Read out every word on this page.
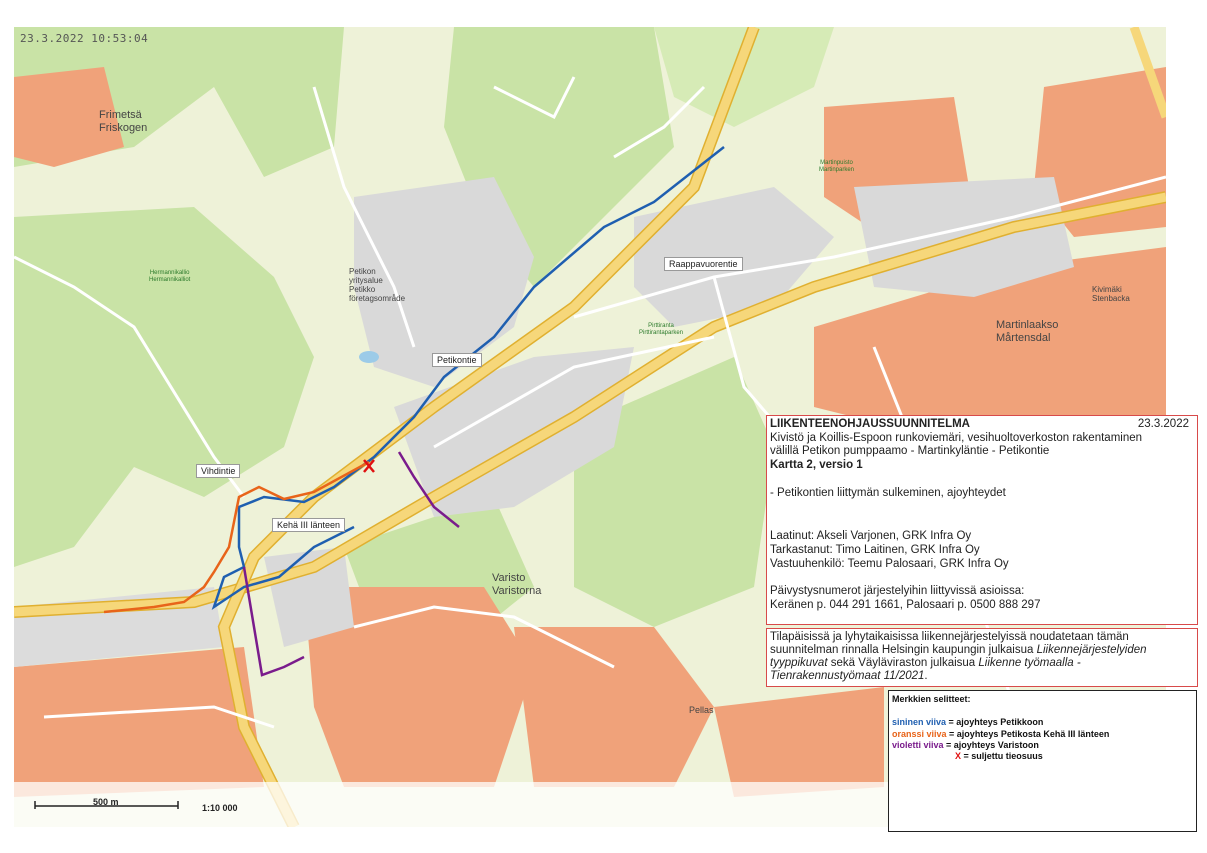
Frimetsä
Friskogen
Petikon
yritysalue
Petikko
företagsområde
Martinlaakso
Mårtensdal
Kivimäki
Stenbacka
Varisto
Varistorna
Pellas
Hermannikallio
Hermannikalliot
Martinpuisto
Martinparken
Pirttiranta
Pirttirantaparken
Raappavuorentie
Petikontie
Vihdintie
Kehä III länteen
23.3.2022 10:53:04
500 m
1:10 000
LIIKENTEENOHJAUSSUUNNITELMA	23.3.2022
Kivistö ja Koillis-Espoon runkoviemäri, vesihuoltoverkoston rakentaminen
välillä Petikon pumppaamo - Martinkyläntie - Petikontie
Kartta 2, versio 1
- Petikontien liittymän sulkeminen, ajoyhteydet
Laatinut: Akseli Varjonen, GRK Infra Oy
Tarkastanut: Timo Laitinen, GRK Infra Oy
Vastuuhenkilö: Teemu Palosaari, GRK Infra Oy
Päivystysnumerot järjestelyihin liittyvissä asioissa:
Keränen p. 044 291 1661, Palosaari p. 0500 888 297
Tilapäisissä ja lyhytaikaisissa liikennejärjestelyissä noudatetaan tämän
suunnitelman rinnalla Helsingin kaupungin julkaisua Liikennejärjestelyiden
tyyppikuvat sekä Väyläviraston julkaisua Liikenne työmaalla -
Tienrakennustyömaat 11/2021.
Merkkien selitteet:
sininen viiva = ajoyhteys Petikkoon
oranssi viiva = ajoyhteys Petikosta Kehä III länteen
violetti viiva = ajoyhteys Varistoon
X = suljettu tieosuus
